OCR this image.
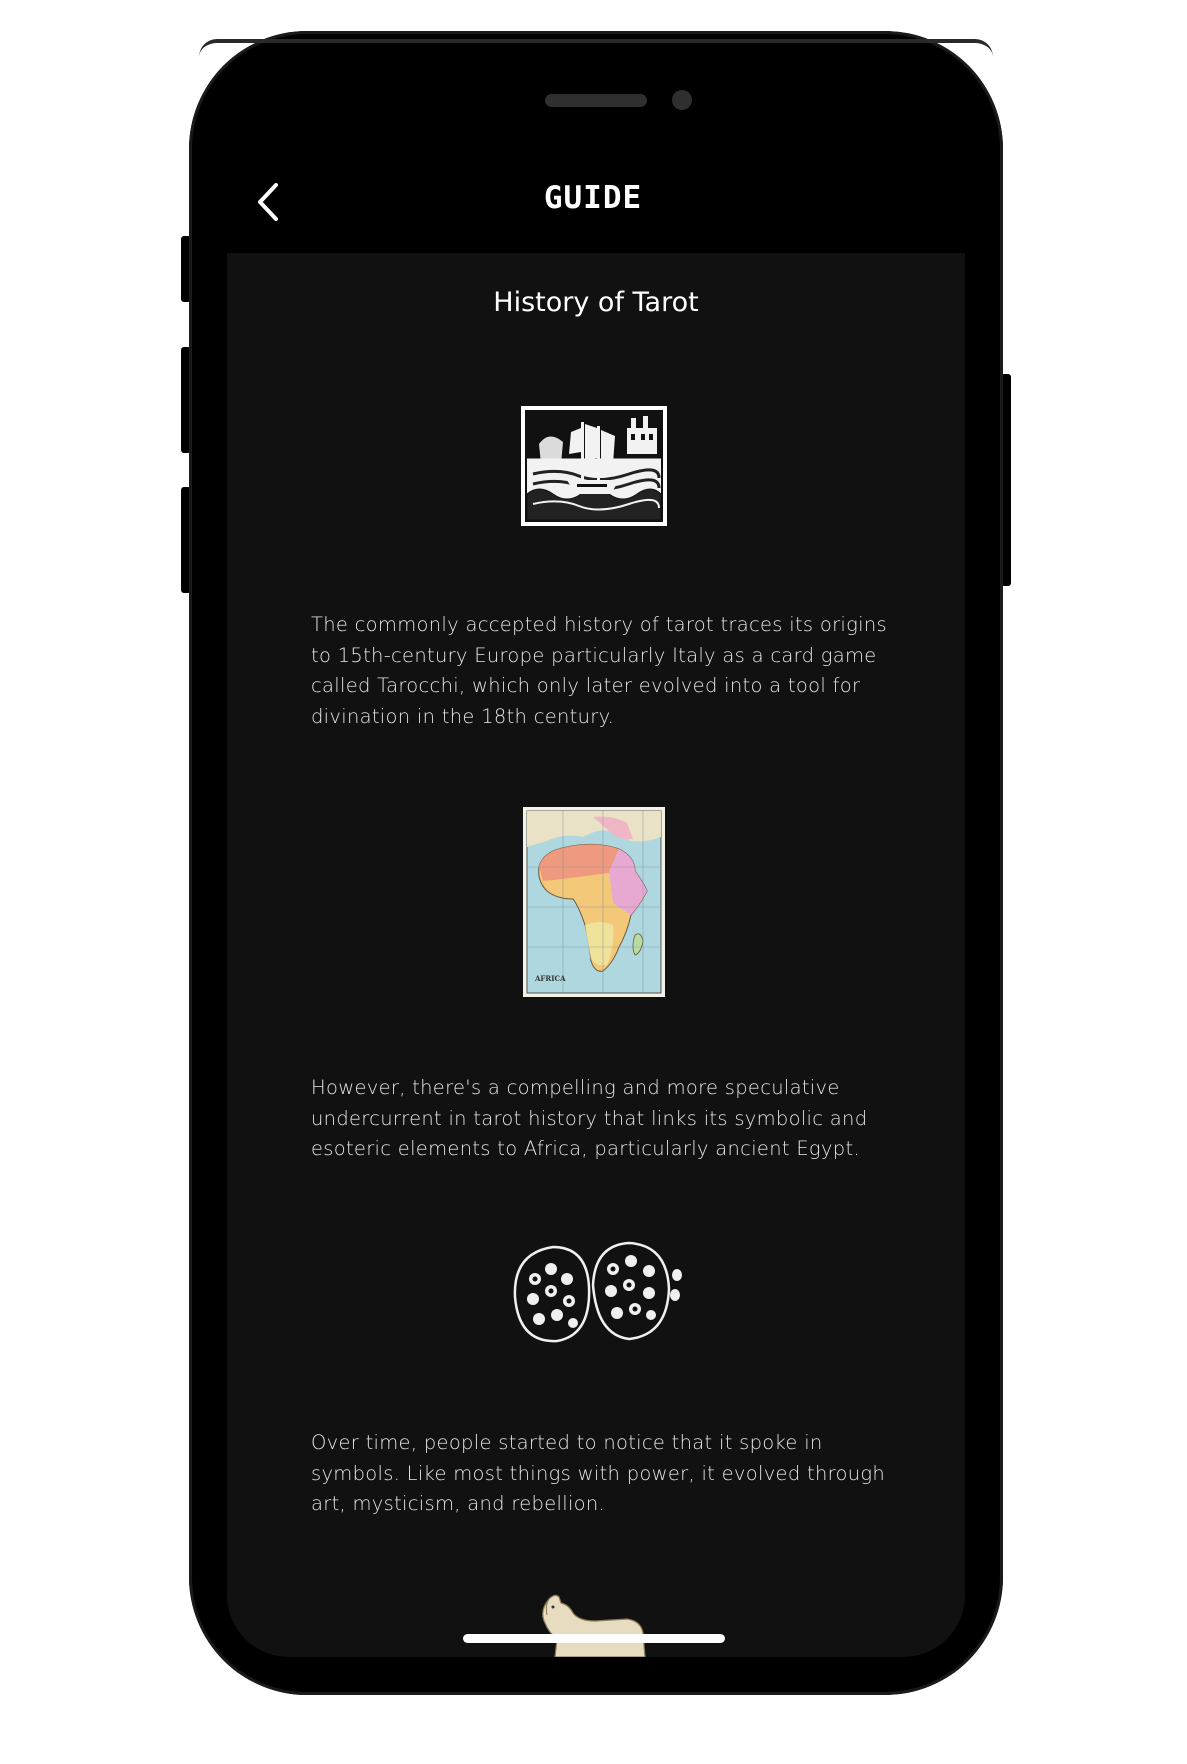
GUIDE
History of Tarot
The commonly accepted history of tarot traces its origins to 15th-century Europe particularly Italy as a card game called Tarocchi, which only later evolved into a tool for divination in the 18th century.
AFRICA
However, there's a compelling and more speculative undercurrent in tarot history that links its symbolic and esoteric elements to Africa, particularly ancient Egypt.
Over time, people started to notice that it spoke in symbols. Like most things with power, it evolved through art, mysticism, and rebellion.
